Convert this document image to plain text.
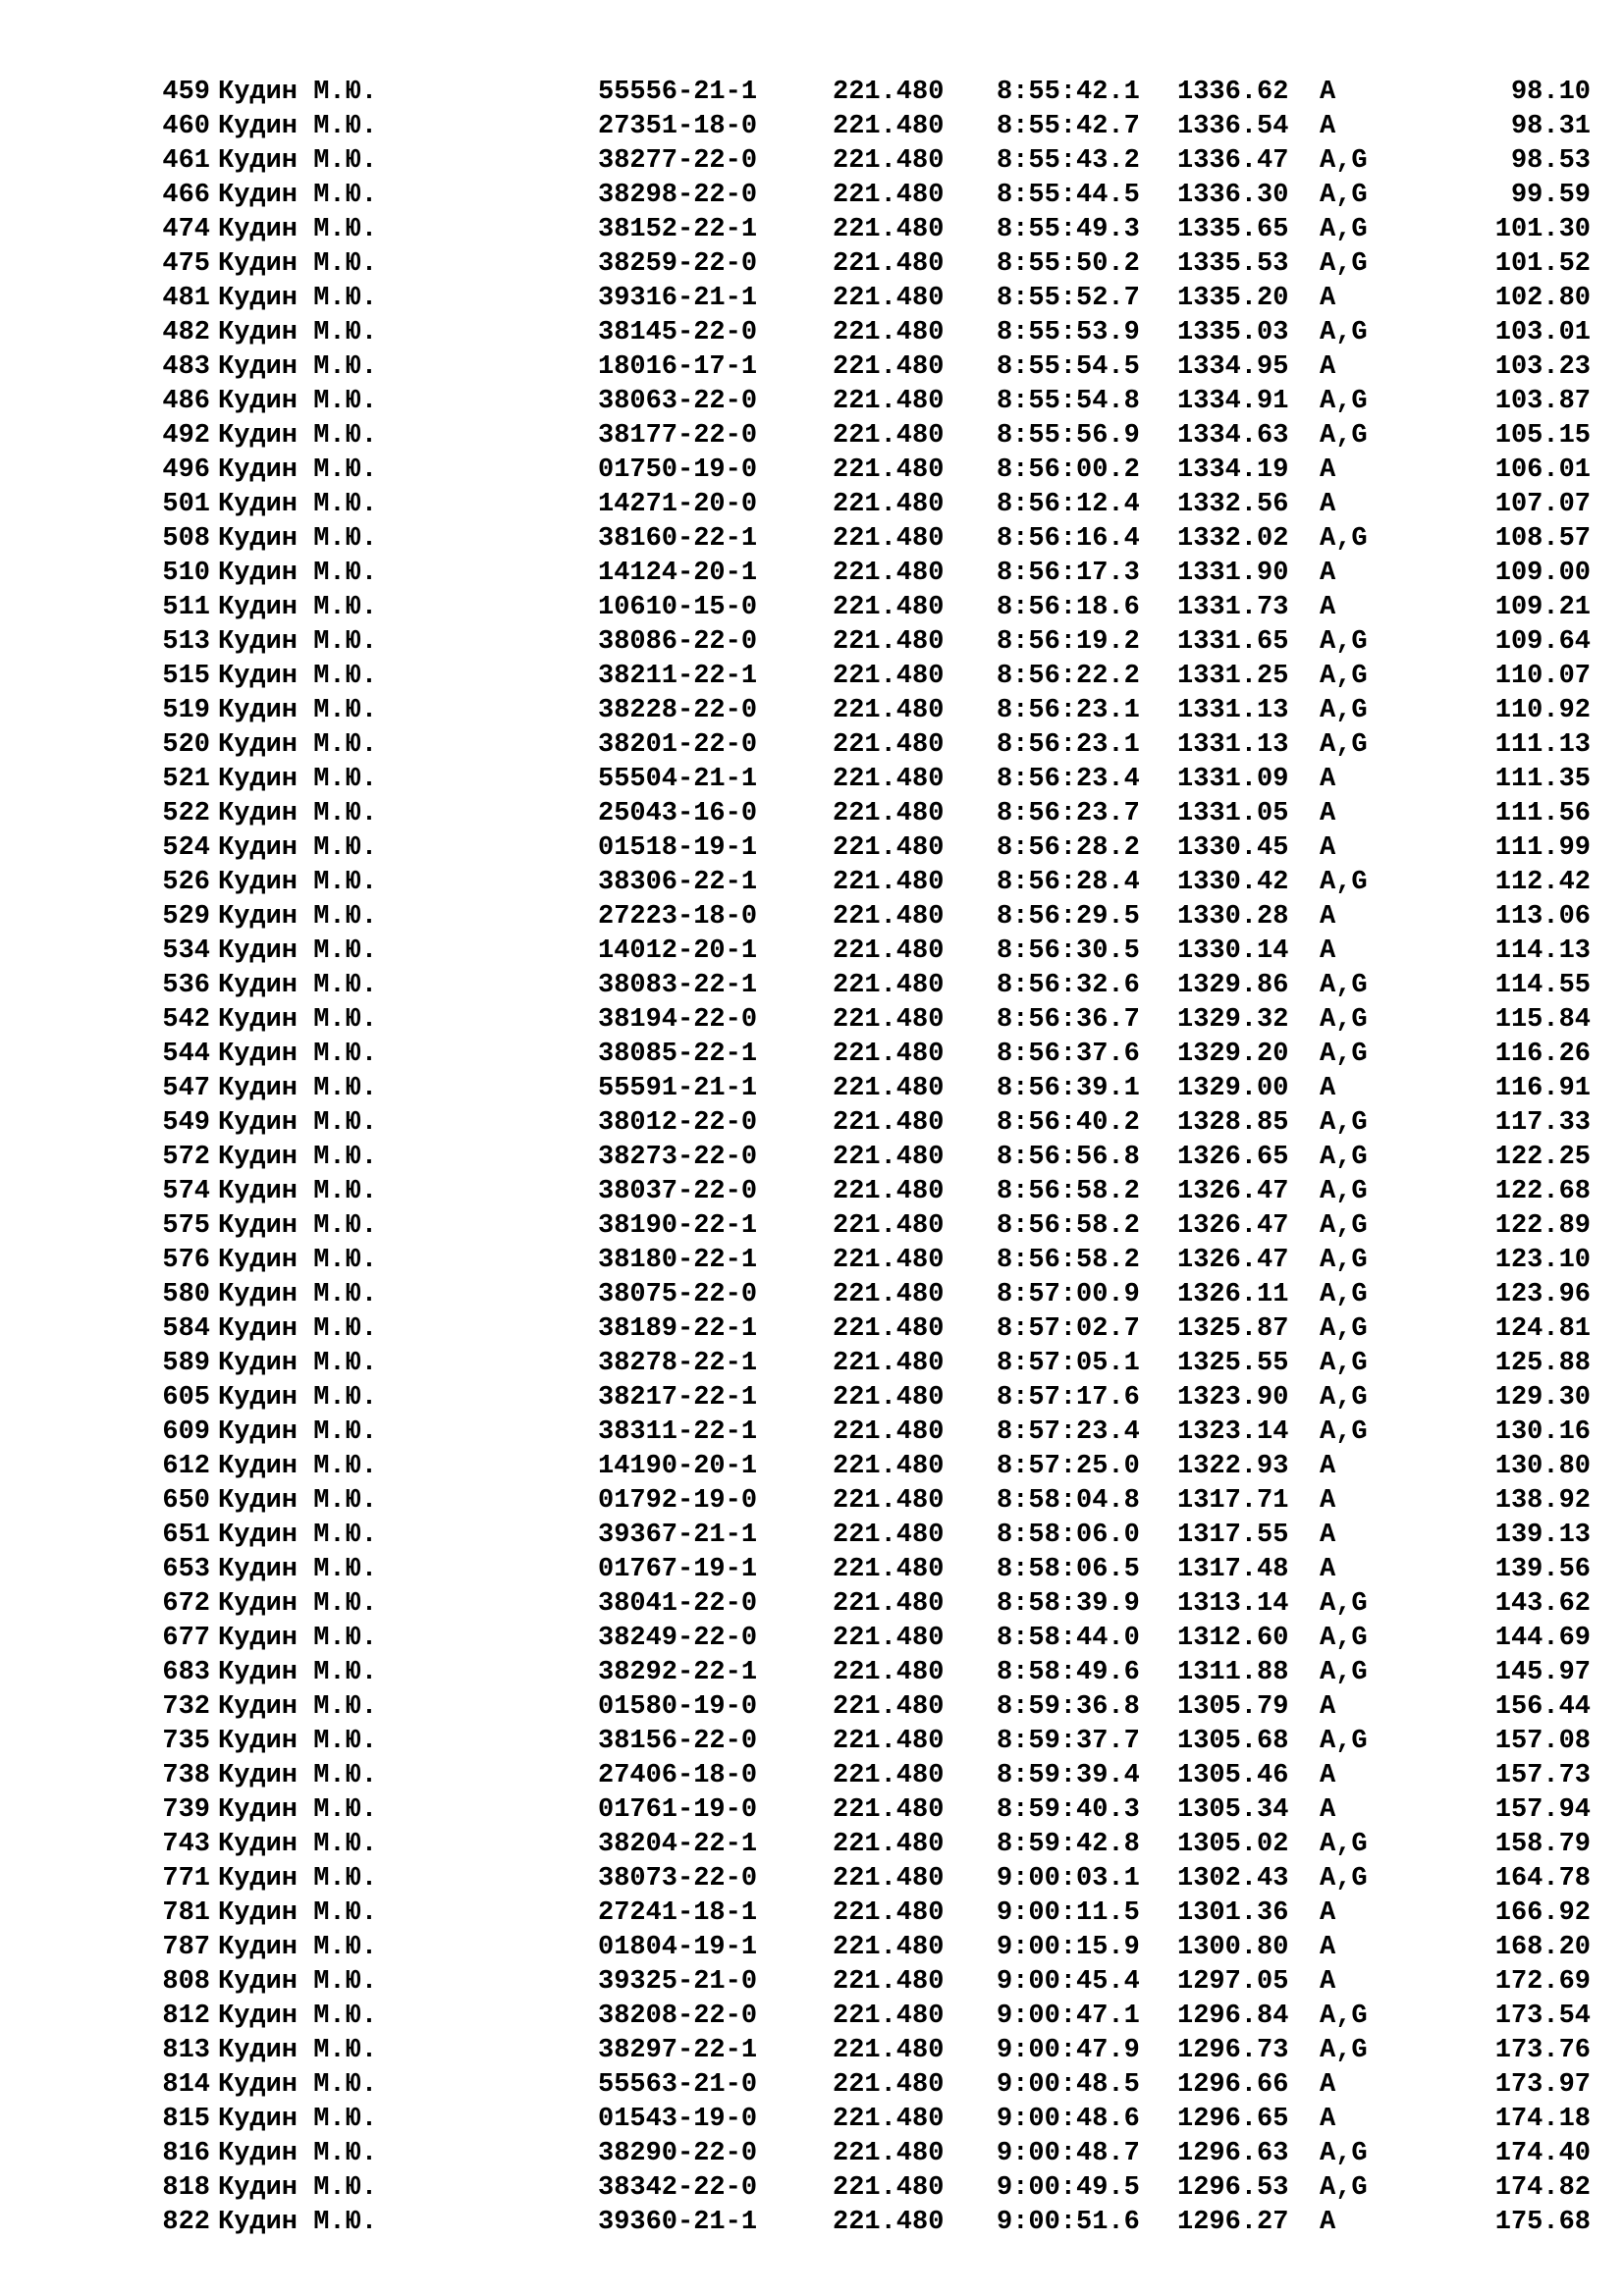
459 Кудин М.Ю.	55556-21-1	221.480 8:55:42.1 1336.62 A	98.10
460 Кудин М.Ю.	27351-18-0	221.480 8:55:42.7 1336.54 A	98.31
461 Кудин М.Ю.	38277-22-0	221.480 8:55:43.2 1336.47 A,G	98.53
466 Кудин М.Ю.	38298-22-0	221.480 8:55:44.5 1336.30 A,G	99.59
474 Кудин М.Ю.	38152-22-1	221.480 8:55:49.3 1335.65 A,G	101.30
475 Кудин М.Ю.	38259-22-0	221.480 8:55:50.2 1335.53 A,G	101.52
481 Кудин М.Ю.	39316-21-1	221.480 8:55:52.7 1335.20 A	102.80
482 Кудин М.Ю.	38145-22-0	221.480 8:55:53.9 1335.03 A,G	103.01
483 Кудин М.Ю.	18016-17-1	221.480 8:55:54.5 1334.95 A	103.23
486 Кудин М.Ю.	38063-22-0	221.480 8:55:54.8 1334.91 A,G	103.87
492 Кудин М.Ю.	38177-22-0	221.480 8:55:56.9 1334.63 A,G	105.15
496 Кудин М.Ю.	01750-19-0	221.480 8:56:00.2 1334.19 A	106.01
501 Кудин М.Ю.	14271-20-0	221.480 8:56:12.4 1332.56 A	107.07
508 Кудин М.Ю.	38160-22-1	221.480 8:56:16.4 1332.02 A,G	108.57
510 Кудин М.Ю.	14124-20-1	221.480 8:56:17.3 1331.90 A	109.00
511 Кудин М.Ю.	10610-15-0	221.480 8:56:18.6 1331.73 A	109.21
513 Кудин М.Ю.	38086-22-0	221.480 8:56:19.2 1331.65 A,G	109.64
515 Кудин М.Ю.	38211-22-1	221.480 8:56:22.2 1331.25 A,G	110.07
519 Кудин М.Ю.	38228-22-0	221.480 8:56:23.1 1331.13 A,G	110.92
520 Кудин М.Ю.	38201-22-0	221.480 8:56:23.1 1331.13 A,G	111.13
521 Кудин М.Ю.	55504-21-1	221.480 8:56:23.4 1331.09 A	111.35
522 Кудин М.Ю.	25043-16-0	221.480 8:56:23.7 1331.05 A	111.56
524 Кудин М.Ю.	01518-19-1	221.480 8:56:28.2 1330.45 A	111.99
526 Кудин М.Ю.	38306-22-1	221.480 8:56:28.4 1330.42 A,G	112.42
529 Кудин М.Ю.	27223-18-0	221.480 8:56:29.5 1330.28 A	113.06
534 Кудин М.Ю.	14012-20-1	221.480 8:56:30.5 1330.14 A	114.13
536 Кудин М.Ю.	38083-22-1	221.480 8:56:32.6 1329.86 A,G	114.55
542 Кудин М.Ю.	38194-22-0	221.480 8:56:36.7 1329.32 A,G	115.84
544 Кудин М.Ю.	38085-22-1	221.480 8:56:37.6 1329.20 A,G	116.26
547 Кудин М.Ю.	55591-21-1	221.480 8:56:39.1 1329.00 A	116.91
549 Кудин М.Ю.	38012-22-0	221.480 8:56:40.2 1328.85 A,G	117.33
572 Кудин М.Ю.	38273-22-0	221.480 8:56:56.8 1326.65 A,G	122.25
574 Кудин М.Ю.	38037-22-0	221.480 8:56:58.2 1326.47 A,G	122.68
575 Кудин М.Ю.	38190-22-1	221.480 8:56:58.2 1326.47 A,G	122.89
576 Кудин М.Ю.	38180-22-1	221.480 8:56:58.2 1326.47 A,G	123.10
580 Кудин М.Ю.	38075-22-0	221.480 8:57:00.9 1326.11 A,G	123.96
584 Кудин М.Ю.	38189-22-1	221.480 8:57:02.7 1325.87 A,G	124.81
589 Кудин М.Ю.	38278-22-1	221.480 8:57:05.1 1325.55 A,G	125.88
605 Кудин М.Ю.	38217-22-1	221.480 8:57:17.6 1323.90 A,G	129.30
609 Кудин М.Ю.	38311-22-1	221.480 8:57:23.4 1323.14 A,G	130.16
612 Кудин М.Ю.	14190-20-1	221.480 8:57:25.0 1322.93 A	130.80
650 Кудин М.Ю.	01792-19-0	221.480 8:58:04.8 1317.71 A	138.92
651 Кудин М.Ю.	39367-21-1	221.480 8:58:06.0 1317.55 A	139.13
653 Кудин М.Ю.	01767-19-1	221.480 8:58:06.5 1317.48 A	139.56
672 Кудин М.Ю.	38041-22-0	221.480 8:58:39.9 1313.14 A,G	143.62
677 Кудин М.Ю.	38249-22-0	221.480 8:58:44.0 1312.60 A,G	144.69
683 Кудин М.Ю.	38292-22-1	221.480 8:58:49.6 1311.88 A,G	145.97
732 Кудин М.Ю.	01580-19-0	221.480 8:59:36.8 1305.79 A	156.44
735 Кудин М.Ю.	38156-22-0	221.480 8:59:37.7 1305.68 A,G	157.08
738 Кудин М.Ю.	27406-18-0	221.480 8:59:39.4 1305.46 A	157.73
739 Кудин М.Ю.	01761-19-0	221.480 8:59:40.3 1305.34 A	157.94
743 Кудин М.Ю.	38204-22-1	221.480 8:59:42.8 1305.02 A,G	158.79
771 Кудин М.Ю.	38073-22-0	221.480 9:00:03.1 1302.43 A,G	164.78
781 Кудин М.Ю.	27241-18-1	221.480 9:00:11.5 1301.36 A	166.92
787 Кудин М.Ю.	01804-19-1	221.480 9:00:15.9 1300.80 A	168.20
808 Кудин М.Ю.	39325-21-0	221.480 9:00:45.4 1297.05 A	172.69
812 Кудин М.Ю.	38208-22-0	221.480 9:00:47.1 1296.84 A,G	173.54
813 Кудин М.Ю.	38297-22-1	221.480 9:00:47.9 1296.73 A,G	173.76
814 Кудин М.Ю.	55563-21-0	221.480 9:00:48.5 1296.66 A	173.97
815 Кудин М.Ю.	01543-19-0	221.480 9:00:48.6 1296.65 A	174.18
816 Кудин М.Ю.	38290-22-0	221.480 9:00:48.7 1296.63 A,G	174.40
818 Кудин М.Ю.	38342-22-0	221.480 9:00:49.5 1296.53 A,G	174.82
822 Кудин М.Ю.	39360-21-1	221.480 9:00:51.6 1296.27 A	175.68
